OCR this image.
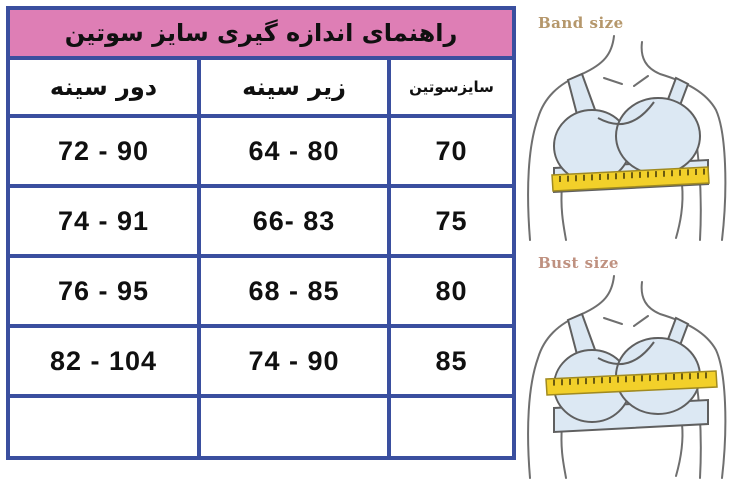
راهنمای اندازه گیری سایز سوتین
دور سینه	زیر سینه	سایزسوتین
72 - 90	64 - 80	70
74 - 91	66- 83	75
76 - 95	68 - 85	80
82 - 104	74 - 90	85
Band size
Bust size
